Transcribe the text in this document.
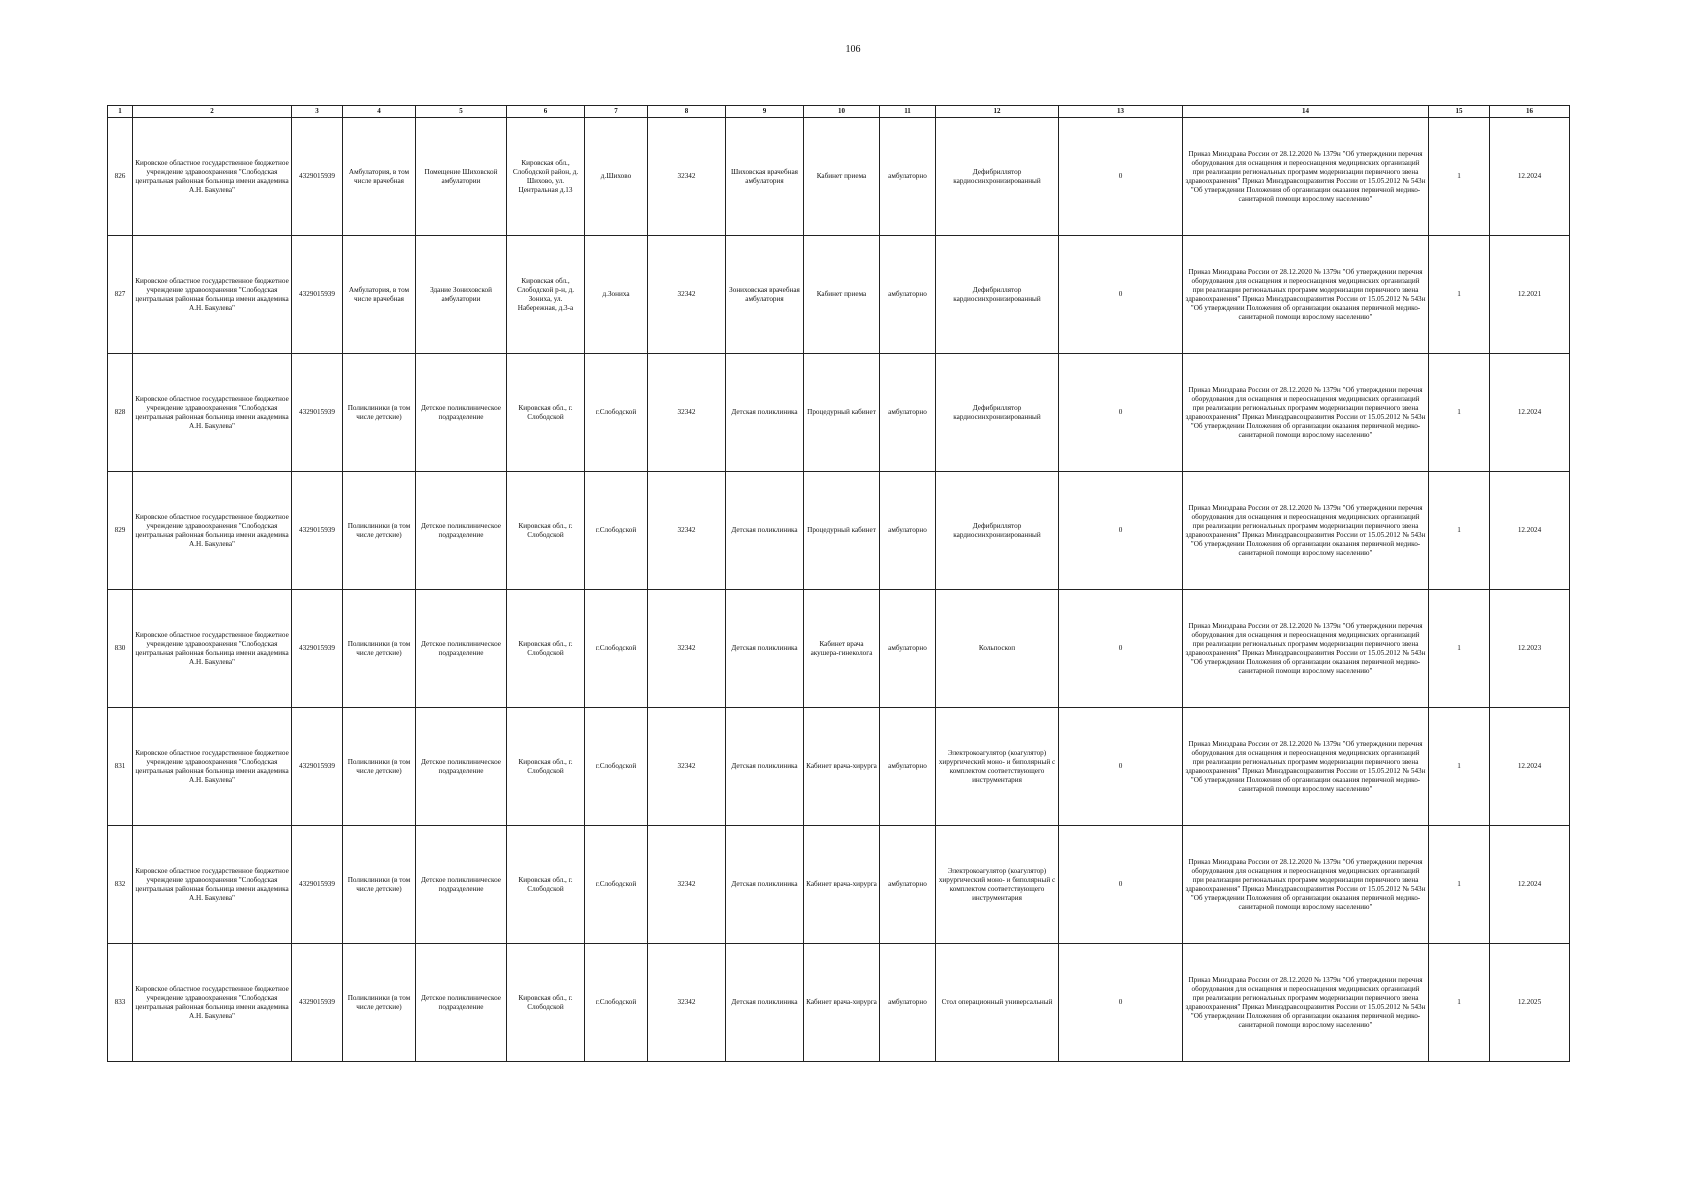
106
1	2	3	4	5	6	7	8	9	10	11	12	13	14	15	16
826	Кировское областное государственное бюджетное учреждение здравоохранения "Слободская центральная районная больница имени академика А.Н. Бакулева"	4329015939	Амбулатория, в том числе врачебная	Помещение Шиховской амбулатории	Кировская обл., Слободской район, д. Шихово, ул. Центральная д.13	д.Шихово	32342	Шиховская врачебная амбулатория	Кабинет приема	амбулаторно	Дефибриллятор кардиосинхронизированный	0	Приказ Минздрава России от 28.12.2020 № 1379н "Об утверждении перечня оборудования для оснащения и переоснащения медицинских организаций при реализации региональных программ модернизации первичного звена здравоохранения" Приказ Минздравсоцразвития России от 15.05.2012 № 543н "Об утверждении Положения об организации оказания первичной медико-санитарной помощи взрослому населению"	1	12.2024
827	Кировское областное государственное бюджетное учреждение здравоохранения "Слободская центральная районная больница имени академика А.Н. Бакулева"	4329015939	Амбулатория, в том числе врачебная	Здание Зониховской амбулатории	Кировская обл., Слободской р-н, д. Зониха, ул. Набережная, д.3-а	д.Зониха	32342	Зониховская врачебная амбулатория	Кабинет приема	амбулаторно	Дефибриллятор кардиосинхронизированный	0	Приказ Минздрава России от 28.12.2020 № 1379н "Об утверждении перечня оборудования для оснащения и переоснащения медицинских организаций при реализации региональных программ модернизации первичного звена здравоохранения" Приказ Минздравсоцразвития России от 15.05.2012 № 543н "Об утверждении Положения об организации оказания первичной медико-санитарной помощи взрослому населению"	1	12.2021
828	Кировское областное государственное бюджетное учреждение здравоохранения "Слободская центральная районная больница имени академика А.Н. Бакулева"	4329015939	Поликлиники (в том числе детские)	Детское поликлиническое подразделение	Кировская обл., г. Слободской	г.Слободской	32342	Детская поликлиника	Процедурный кабинет	амбулаторно	Дефибриллятор кардиосинхронизированный	0	Приказ Минздрава России от 28.12.2020 № 1379н "Об утверждении перечня оборудования для оснащения и переоснащения медицинских организаций при реализации региональных программ модернизации первичного звена здравоохранения" Приказ Минздравсоцразвития России от 15.05.2012 № 543н "Об утверждении Положения об организации оказания первичной медико-санитарной помощи взрослому населению"	1	12.2024
829	Кировское областное государственное бюджетное учреждение здравоохранения "Слободская центральная районная больница имени академика А.Н. Бакулева"	4329015939	Поликлиники (в том числе детские)	Детское поликлиническое подразделение	Кировская обл., г. Слободской	г.Слободской	32342	Детская поликлиника	Процедурный кабинет	амбулаторно	Дефибриллятор кардиосинхронизированный	0	Приказ Минздрава России от 28.12.2020 № 1379н "Об утверждении перечня оборудования для оснащения и переоснащения медицинских организаций при реализации региональных программ модернизации первичного звена здравоохранения" Приказ Минздравсоцразвития России от 15.05.2012 № 543н "Об утверждении Положения об организации оказания первичной медико-санитарной помощи взрослому населению"	1	12.2024
830	Кировское областное государственное бюджетное учреждение здравоохранения "Слободская центральная районная больница имени академика А.Н. Бакулева"	4329015939	Поликлиники (в том числе детские)	Детское поликлиническое подразделение	Кировская обл., г. Слободской	г.Слободской	32342	Детская поликлиника	Кабинет врача акушера-гинеколога	амбулаторно	Кольпоскоп	0	Приказ Минздрава России от 28.12.2020 № 1379н "Об утверждении перечня оборудования для оснащения и переоснащения медицинских организаций при реализации региональных программ модернизации первичного звена здравоохранения" Приказ Минздравсоцразвития России от 15.05.2012 № 543н "Об утверждении Положения об организации оказания первичной медико-санитарной помощи взрослому населению"	1	12.2023
831	Кировское областное государственное бюджетное учреждение здравоохранения "Слободская центральная районная больница имени академика А.Н. Бакулева"	4329015939	Поликлиники (в том числе детские)	Детское поликлиническое подразделение	Кировская обл., г. Слободской	г.Слободской	32342	Детская поликлиника	Кабинет врача-хирурга	амбулаторно	Электрокоагулятор (коагулятор) хирургический моно- и биполярный с комплектом соответствующего инструментария	0	Приказ Минздрава России от 28.12.2020 № 1379н "Об утверждении перечня оборудования для оснащения и переоснащения медицинских организаций при реализации региональных программ модернизации первичного звена здравоохранения" Приказ Минздравсоцразвития России от 15.05.2012 № 543н "Об утверждении Положения об организации оказания первичной медико-санитарной помощи взрослому населению"	1	12.2024
832	Кировское областное государственное бюджетное учреждение здравоохранения "Слободская центральная районная больница имени академика А.Н. Бакулева"	4329015939	Поликлиники (в том числе детские)	Детское поликлиническое подразделение	Кировская обл., г. Слободской	г.Слободской	32342	Детская поликлиника	Кабинет врача-хирурга	амбулаторно	Электрокоагулятор (коагулятор) хирургический моно- и биполярный с комплектом соответствующего инструментария	0	Приказ Минздрава России от 28.12.2020 № 1379н "Об утверждении перечня оборудования для оснащения и переоснащения медицинских организаций при реализации региональных программ модернизации первичного звена здравоохранения" Приказ Минздравсоцразвития России от 15.05.2012 № 543н "Об утверждении Положения об организации оказания первичной медико-санитарной помощи взрослому населению"	1	12.2024
833	Кировское областное государственное бюджетное учреждение здравоохранения "Слободская центральная районная больница имени академика А.Н. Бакулева"	4329015939	Поликлиники (в том числе детские)	Детское поликлиническое подразделение	Кировская обл., г. Слободской	г.Слободской	32342	Детская поликлиника	Кабинет врача-хирурга	амбулаторно	Стол операционный универсальный	0	Приказ Минздрава России от 28.12.2020 № 1379н "Об утверждении перечня оборудования для оснащения и переоснащения медицинских организаций при реализации региональных программ модернизации первичного звена здравоохранения" Приказ Минздравсоцразвития России от 15.05.2012 № 543н "Об утверждении Положения об организации оказания первичной медико-санитарной помощи взрослому населению"	1	12.2025
